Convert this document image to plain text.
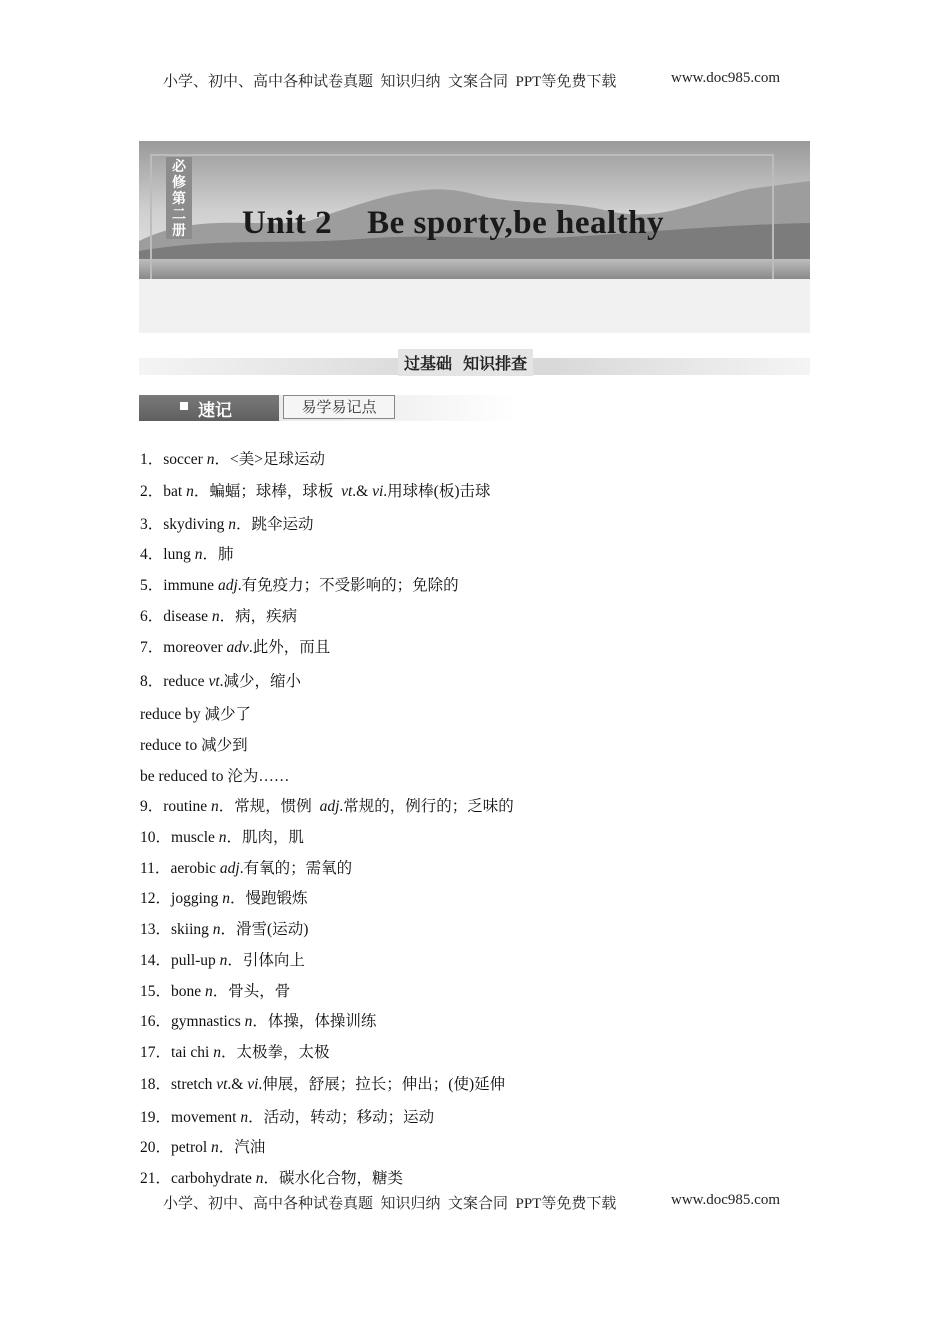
小学、初中、高中各种试卷真题  知识归纳  文案合同  PPT等免费下载	www.doc985.com
必修第二册 Unit 2    Be sporty,be healthy
过基础  知识排查
速记	易学易记点
1．soccer n．<美>足球运动
2．bat n．蝙蝠；球棒，球板  vt.& vi.用球棒(板)击球
3．skydiving n．跳伞运动
4．lung n．肺
5．immune adj.有免疫力；不受影响的；免除的
6．disease n．病，疾病
7．moreover adv.此外，而且
8．reduce vt.减少，缩小
reduce by 减少了
reduce to 减少到
be reduced to 沦为……
9．routine n．常规，惯例  adj.常规的，例行的；乏味的
10．muscle n．肌肉，肌
11．aerobic adj.有氧的；需氧的
12．jogging n．慢跑锻炼
13．skiing n．滑雪(运动)
14．pull-up n．引体向上
15．bone n．骨头，骨
16．gymnastics n．体操，体操训练
17．tai chi n．太极拳，太极
18．stretch vt.& vi.伸展，舒展；拉长；伸出；(使)延伸
19．movement n．活动，转动；移动；运动
20．petrol n．汽油
21．carbohydrate n．碳水化合物，糖类
小学、初中、高中各种试卷真题  知识归纳  文案合同  PPT等免费下载	www.doc985.com
